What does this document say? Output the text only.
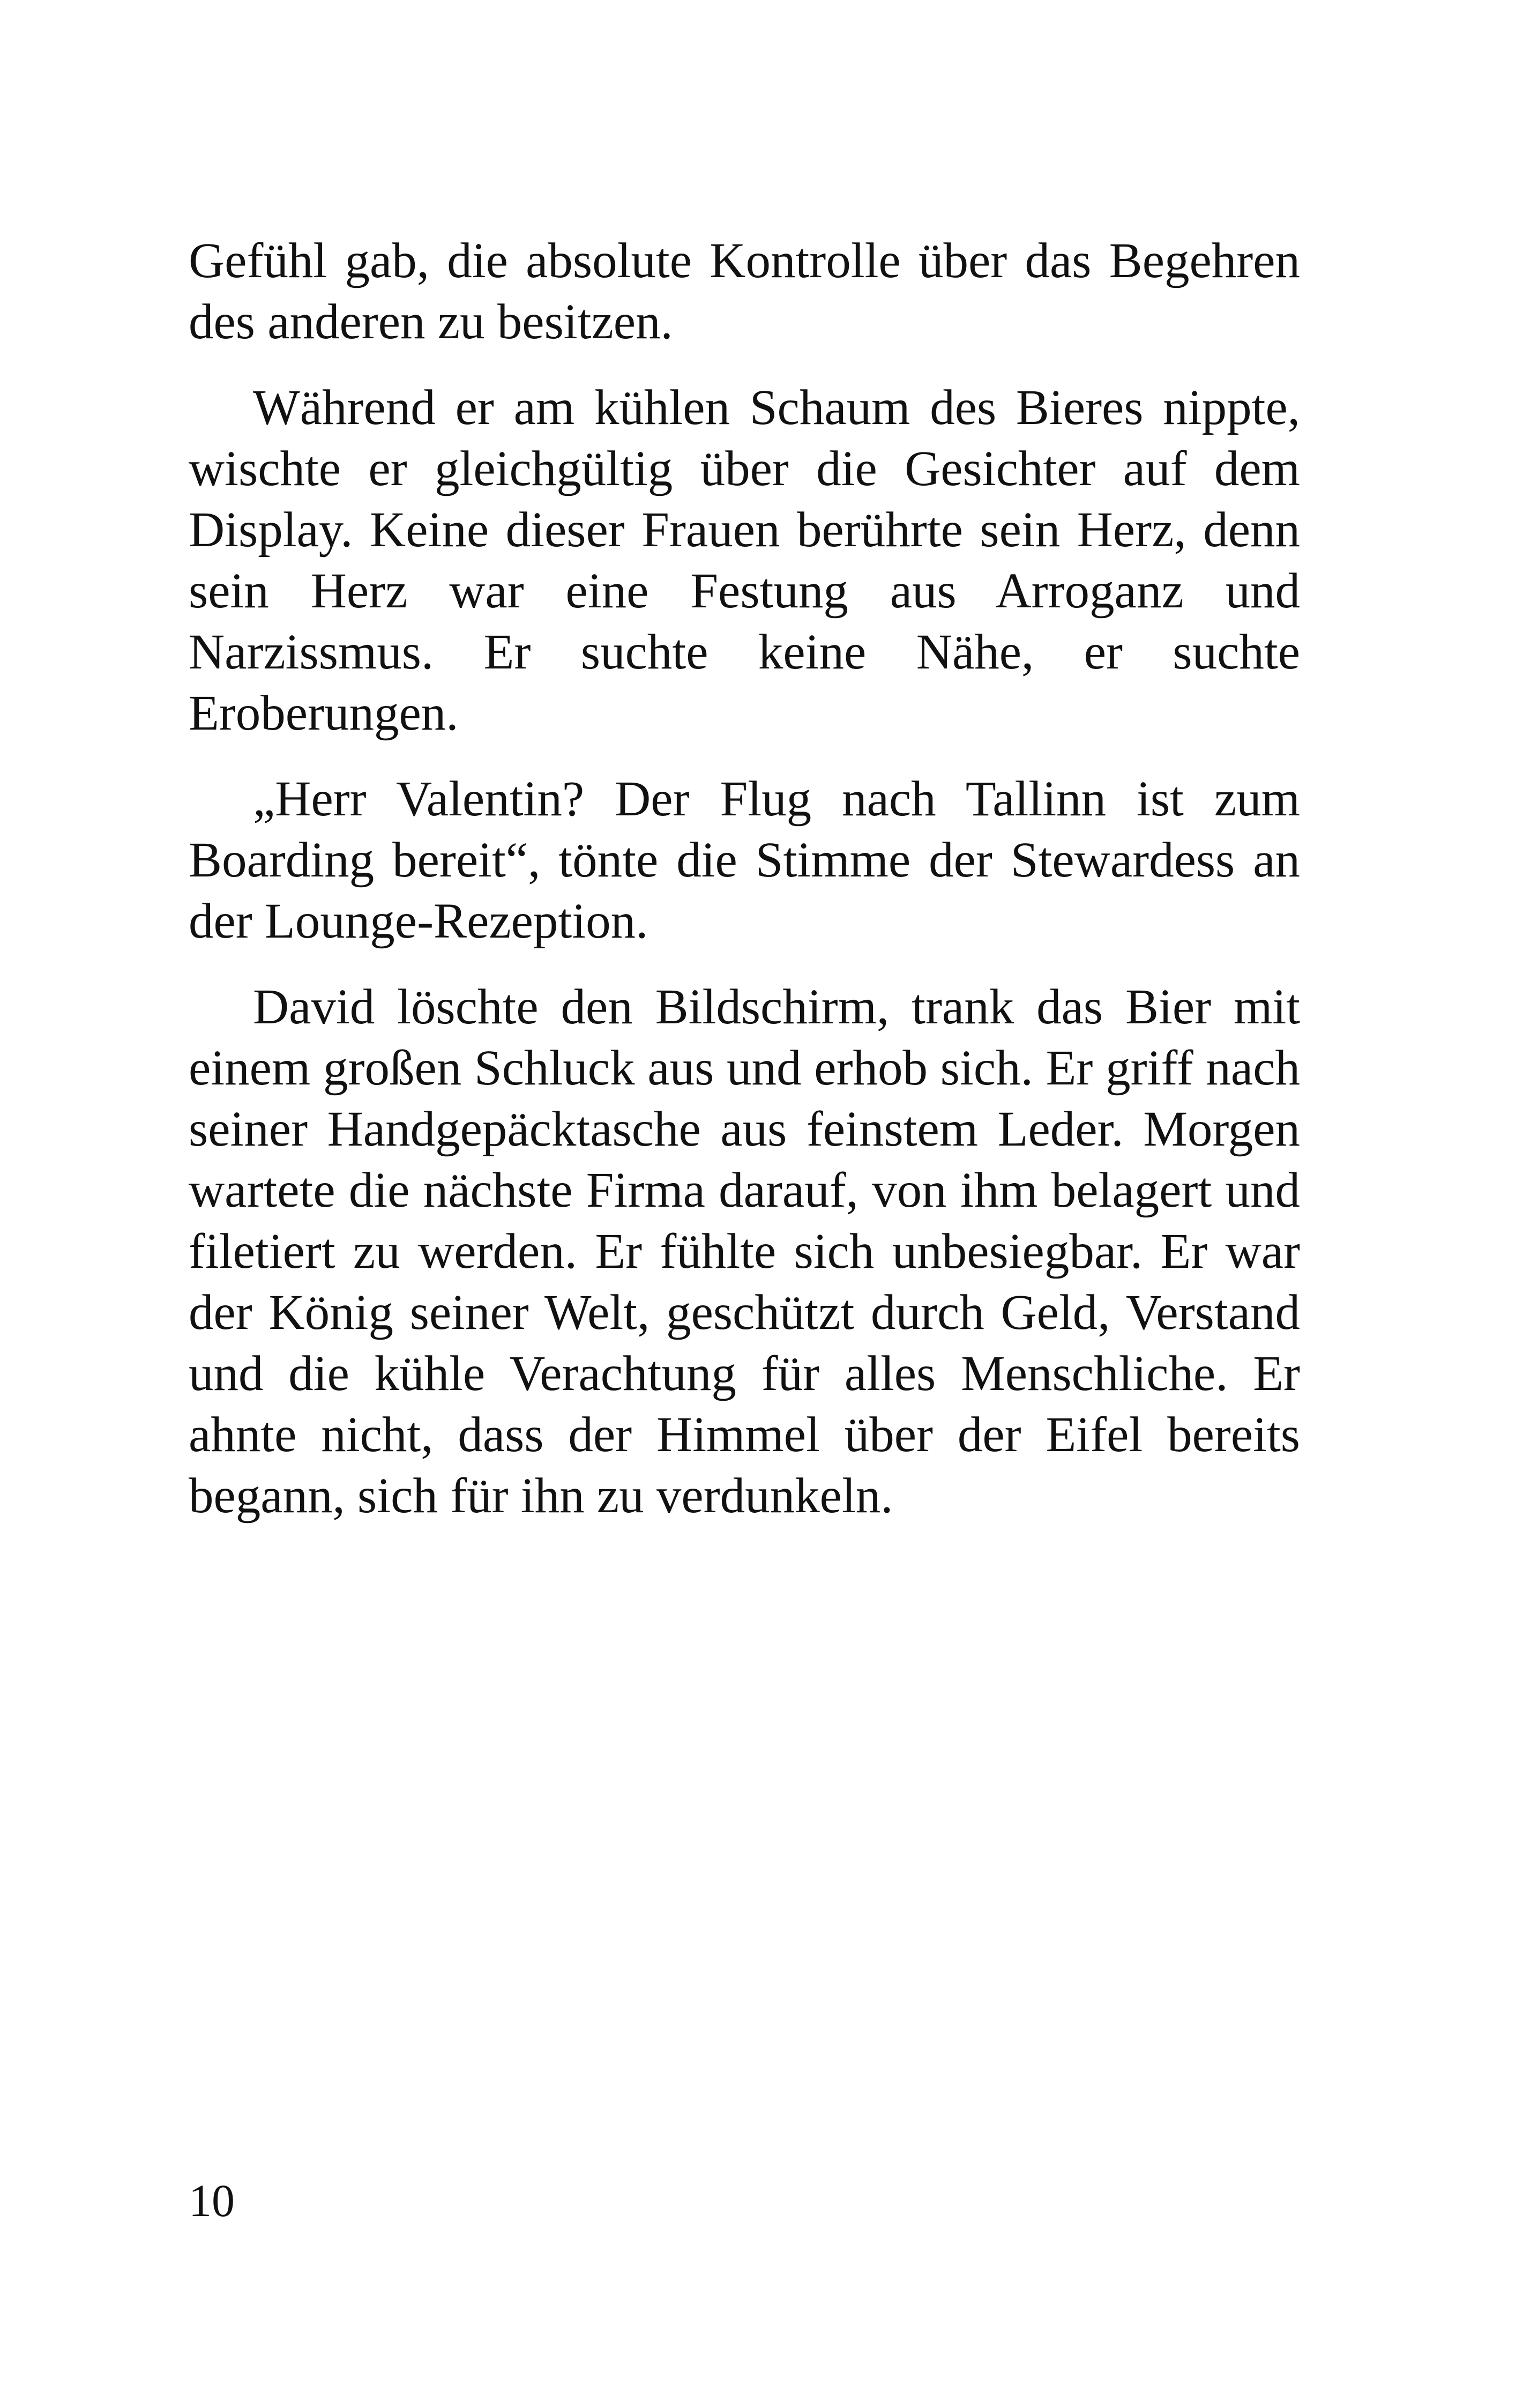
Gefühl gab, die absolute Kontrolle über das Begehren des anderen zu besitzen.

Während er am kühlen Schaum des Bieres nippte, wischte er gleichgültig über die Gesichter auf dem Display. Keine dieser Frauen berührte sein Herz, denn sein Herz war eine Festung aus Arroganz und Narzissmus. Er suchte keine Nähe, er suchte Eroberungen.

„Herr Valentin? Der Flug nach Tallinn ist zum Boarding bereit“, tönte die Stimme der Stewardess an der Lounge-Rezeption.

David löschte den Bildschirm, trank das Bier mit einem großen Schluck aus und erhob sich. Er griff nach seiner Handgepäcktasche aus feinstem Leder. Morgen wartete die nächste Firma darauf, von ihm belagert und filetiert zu werden. Er fühlte sich unbesiegbar. Er war der König seiner Welt, geschützt durch Geld, Verstand und die kühle Verachtung für alles Menschliche. Er ahnte nicht, dass der Himmel über der Eifel bereits begann, sich für ihn zu verdunkeln.

10
